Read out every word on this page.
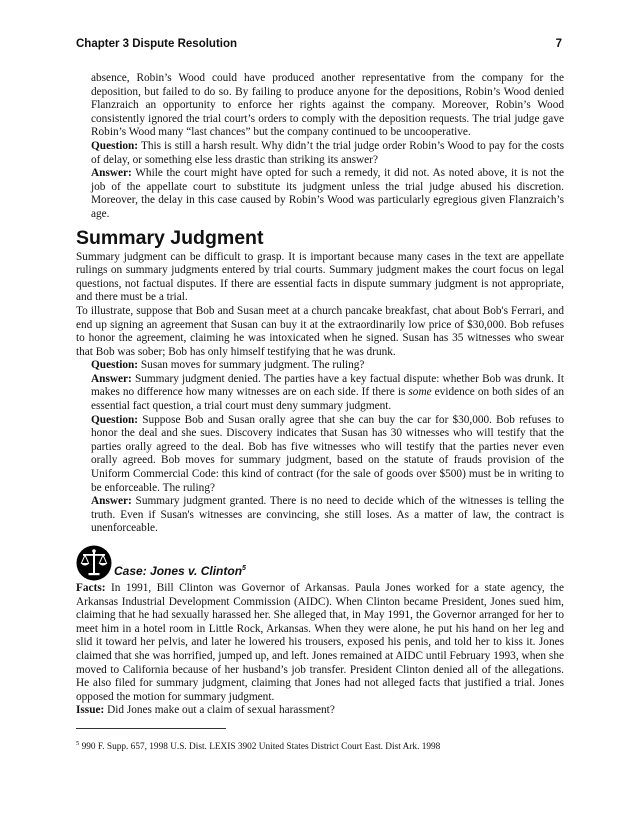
Chapter 3 Dispute Resolution	7

absence, Robin’s Wood could have produced another representative from the company for the deposition, but failed to do so. By failing to produce anyone for the depositions, Robin’s Wood denied Flanzraich an opportunity to enforce her rights against the company. Moreover, Robin’s Wood consistently ignored the trial court’s orders to comply with the deposition requests. The trial judge gave Robin’s Wood many “last chances” but the company continued to be uncooperative.

Question: This is still a harsh result. Why didn’t the trial judge order Robin’s Wood to pay for the costs of delay, or something else less drastic than striking its answer?

Answer: While the court might have opted for such a remedy, it did not. As noted above, it is not the job of the appellate court to substitute its judgment unless the trial judge abused his discretion. Moreover, the delay in this case caused by Robin’s Wood was particularly egregious given Flanzraich’s age.

Summary Judgment

Summary judgment can be difficult to grasp. It is important because many cases in the text are appellate rulings on summary judgments entered by trial courts. Summary judgment makes the court focus on legal questions, not factual disputes. If there are essential facts in dispute summary judgment is not appropriate, and there must be a trial.

To illustrate, suppose that Bob and Susan meet at a church pancake breakfast, chat about Bob's Ferrari, and end up signing an agreement that Susan can buy it at the extraordinarily low price of $30,000. Bob refuses to honor the agreement, claiming he was intoxicated when he signed. Susan has 35 witnesses who swear that Bob was sober; Bob has only himself testifying that he was drunk.

Question: Susan moves for summary judgment. The ruling?

Answer: Summary judgment denied. The parties have a key factual dispute: whether Bob was drunk. It makes no difference how many witnesses are on each side. If there is some evidence on both sides of an essential fact question, a trial court must deny summary judgment.

Question: Suppose Bob and Susan orally agree that she can buy the car for $30,000. Bob refuses to honor the deal and she sues. Discovery indicates that Susan has 30 witnesses who will testify that the parties orally agreed to the deal. Bob has five witnesses who will testify that the parties never even orally agreed. Bob moves for summary judgment, based on the statute of frauds provision of the Uniform Commercial Code: this kind of contract (for the sale of goods over $500) must be in writing to be enforceable. The ruling?

Answer: Summary judgment granted. There is no need to decide which of the witnesses is telling the truth. Even if Susan's witnesses are convincing, she still loses. As a matter of law, the contract is unenforceable.

Case: Jones v. Clinton$^5$

Facts: In 1991, Bill Clinton was Governor of Arkansas. Paula Jones worked for a state agency, the Arkansas Industrial Development Commission (AIDC). When Clinton became President, Jones sued him, claiming that he had sexually harassed her. She alleged that, in May 1991, the Governor arranged for her to meet him in a hotel room in Little Rock, Arkansas. When they were alone, he put his hand on her leg and slid it toward her pelvis, and later he lowered his trousers, exposed his penis, and told her to kiss it. Jones claimed that she was horrified, jumped up, and left. Jones remained at AIDC until February 1993, when she moved to California because of her husband’s job transfer. President Clinton denied all of the allegations. He also filed for summary judgment, claiming that Jones had not alleged facts that justified a trial. Jones opposed the motion for summary judgment.

Issue: Did Jones make out a claim of sexual harassment?

$^5$ 990 F. Supp. 657, 1998 U.S. Dist. LEXIS 3902 United States District Court East. Dist Ark. 1998
